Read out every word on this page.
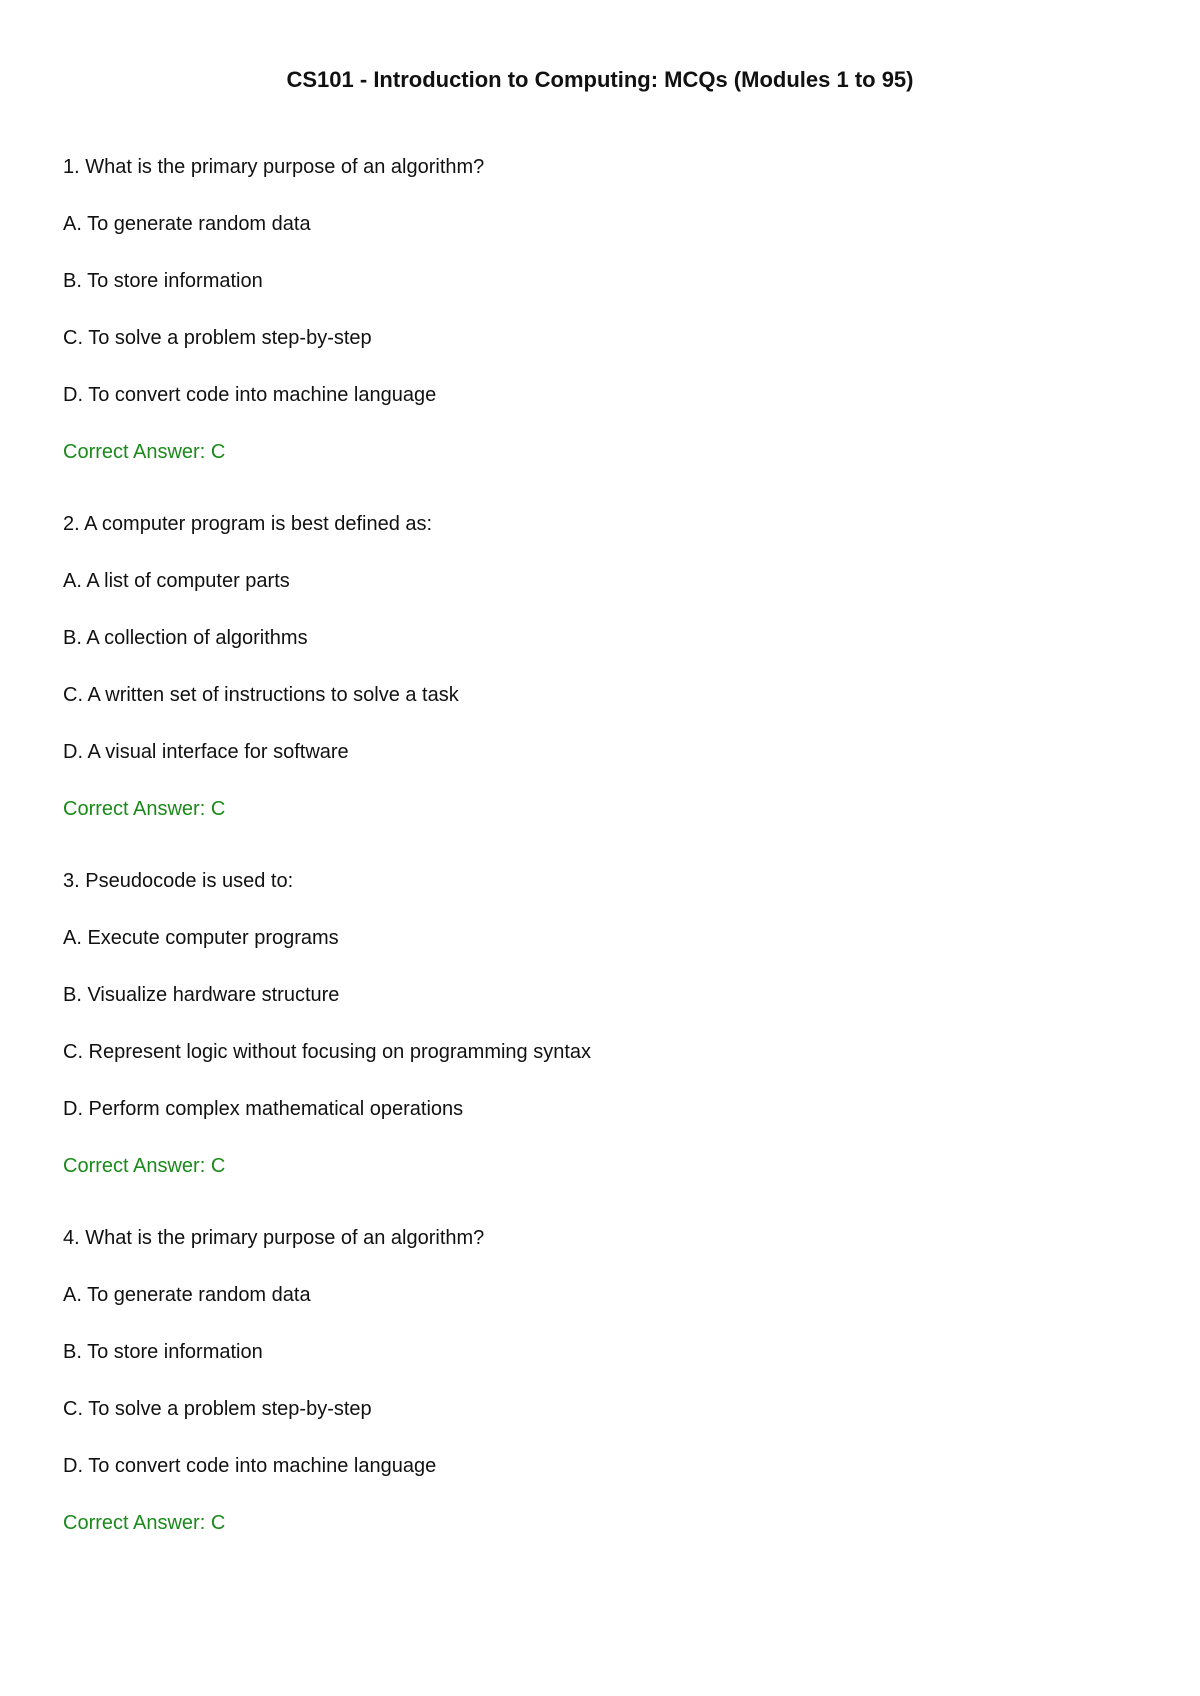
CS101 - Introduction to Computing: MCQs (Modules 1 to 95)
1. What is the primary purpose of an algorithm?
A. To generate random data
B. To store information
C. To solve a problem step-by-step
D. To convert code into machine language
Correct Answer: C
2. A computer program is best defined as:
A. A list of computer parts
B. A collection of algorithms
C. A written set of instructions to solve a task
D. A visual interface for software
Correct Answer: C
3. Pseudocode is used to:
A. Execute computer programs
B. Visualize hardware structure
C. Represent logic without focusing on programming syntax
D. Perform complex mathematical operations
Correct Answer: C
4. What is the primary purpose of an algorithm?
A. To generate random data
B. To store information
C. To solve a problem step-by-step
D. To convert code into machine language
Correct Answer: C
